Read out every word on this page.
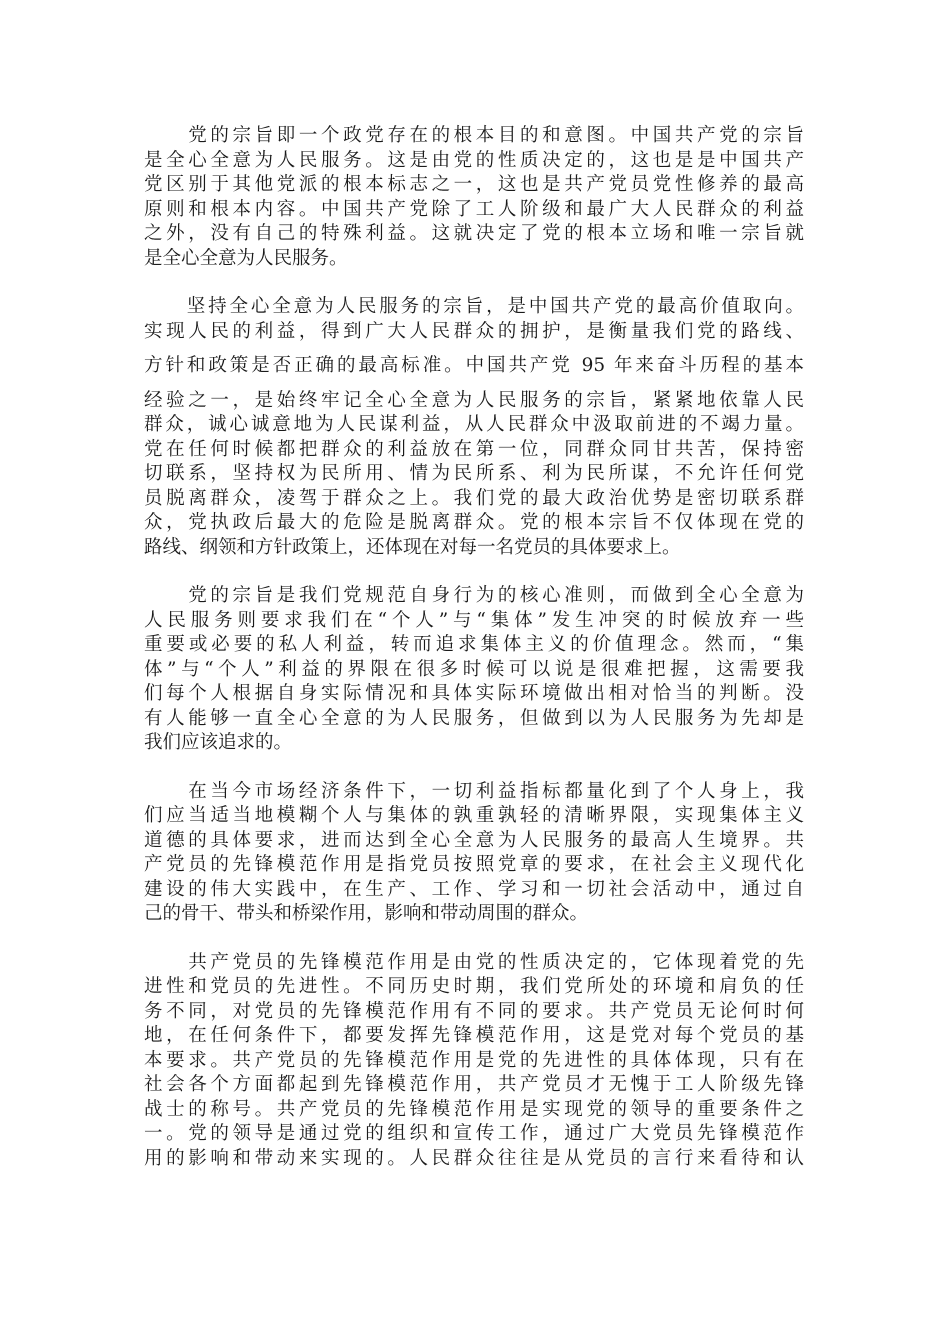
　　党的宗旨即一个政党存在的根本目的和意图。中国共产党的宗旨
是全心全意为人民服务。这是由党的性质决定的，这也是是中国共产
党区别于其他党派的根本标志之一，这也是共产党员党性修养的最高
原则和根本内容。中国共产党除了工人阶级和最广大人民群众的利益
之外，没有自己的特殊利益。这就决定了党的根本立场和唯一宗旨就
是全心全意为人民服务。
　　坚持全心全意为人民服务的宗旨，是中国共产党的最高价值取向。
实现人民的利益，得到广大人民群众的拥护，是衡量我们党的路线、
方针和政策是否正确的最高标准。中国共产党 95 年来奋斗历程的基本
经验之一，是始终牢记全心全意为人民服务的宗旨，紧紧地依靠人民
群众，诚心诚意地为人民谋利益，从人民群众中汲取前进的不竭力量。
党在任何时候都把群众的利益放在第一位，同群众同甘共苦，保持密
切联系，坚持权为民所用、情为民所系、利为民所谋，不允许任何党
员脱离群众，凌驾于群众之上。我们党的最大政治优势是密切联系群
众，党执政后最大的危险是脱离群众。党的根本宗旨不仅体现在党的
路线、纲领和方针政策上，还体现在对每一名党员的具体要求上。
　　党的宗旨是我们党规范自身行为的核心准则，而做到全心全意为
人民服务则要求我们在“个人”与“集体”发生冲突的时候放弃一些
重要或必要的私人利益，转而追求集体主义的价值理念。然而，“集
体”与“个人”利益的界限在很多时候可以说是很难把握，这需要我
们每个人根据自身实际情况和具体实际环境做出相对恰当的判断。没
有人能够一直全心全意的为人民服务，但做到以为人民服务为先却是
我们应该追求的。
　　在当今市场经济条件下，一切利益指标都量化到了个人身上，我
们应当适当地模糊个人与集体的孰重孰轻的清晰界限，实现集体主义
道德的具体要求，进而达到全心全意为人民服务的最高人生境界。共
产党员的先锋模范作用是指党员按照党章的要求，在社会主义现代化
建设的伟大实践中，在生产、工作、学习和一切社会活动中，通过自
己的骨干、带头和桥梁作用，影响和带动周围的群众。
　　共产党员的先锋模范作用是由党的性质决定的，它体现着党的先
进性和党员的先进性。不同历史时期，我们党所处的环境和肩负的任
务不同，对党员的先锋模范作用有不同的要求。共产党员无论何时何
地，在任何条件下，都要发挥先锋模范作用，这是党对每个党员的基
本要求。共产党员的先锋模范作用是党的先进性的具体体现，只有在
社会各个方面都起到先锋模范作用，共产党员才无愧于工人阶级先锋
战士的称号。共产党员的先锋模范作用是实现党的领导的重要条件之
一。党的领导是通过党的组织和宣传工作，通过广大党员先锋模范作
用的影响和带动来实现的。人民群众往往是从党员的言行来看待和认
